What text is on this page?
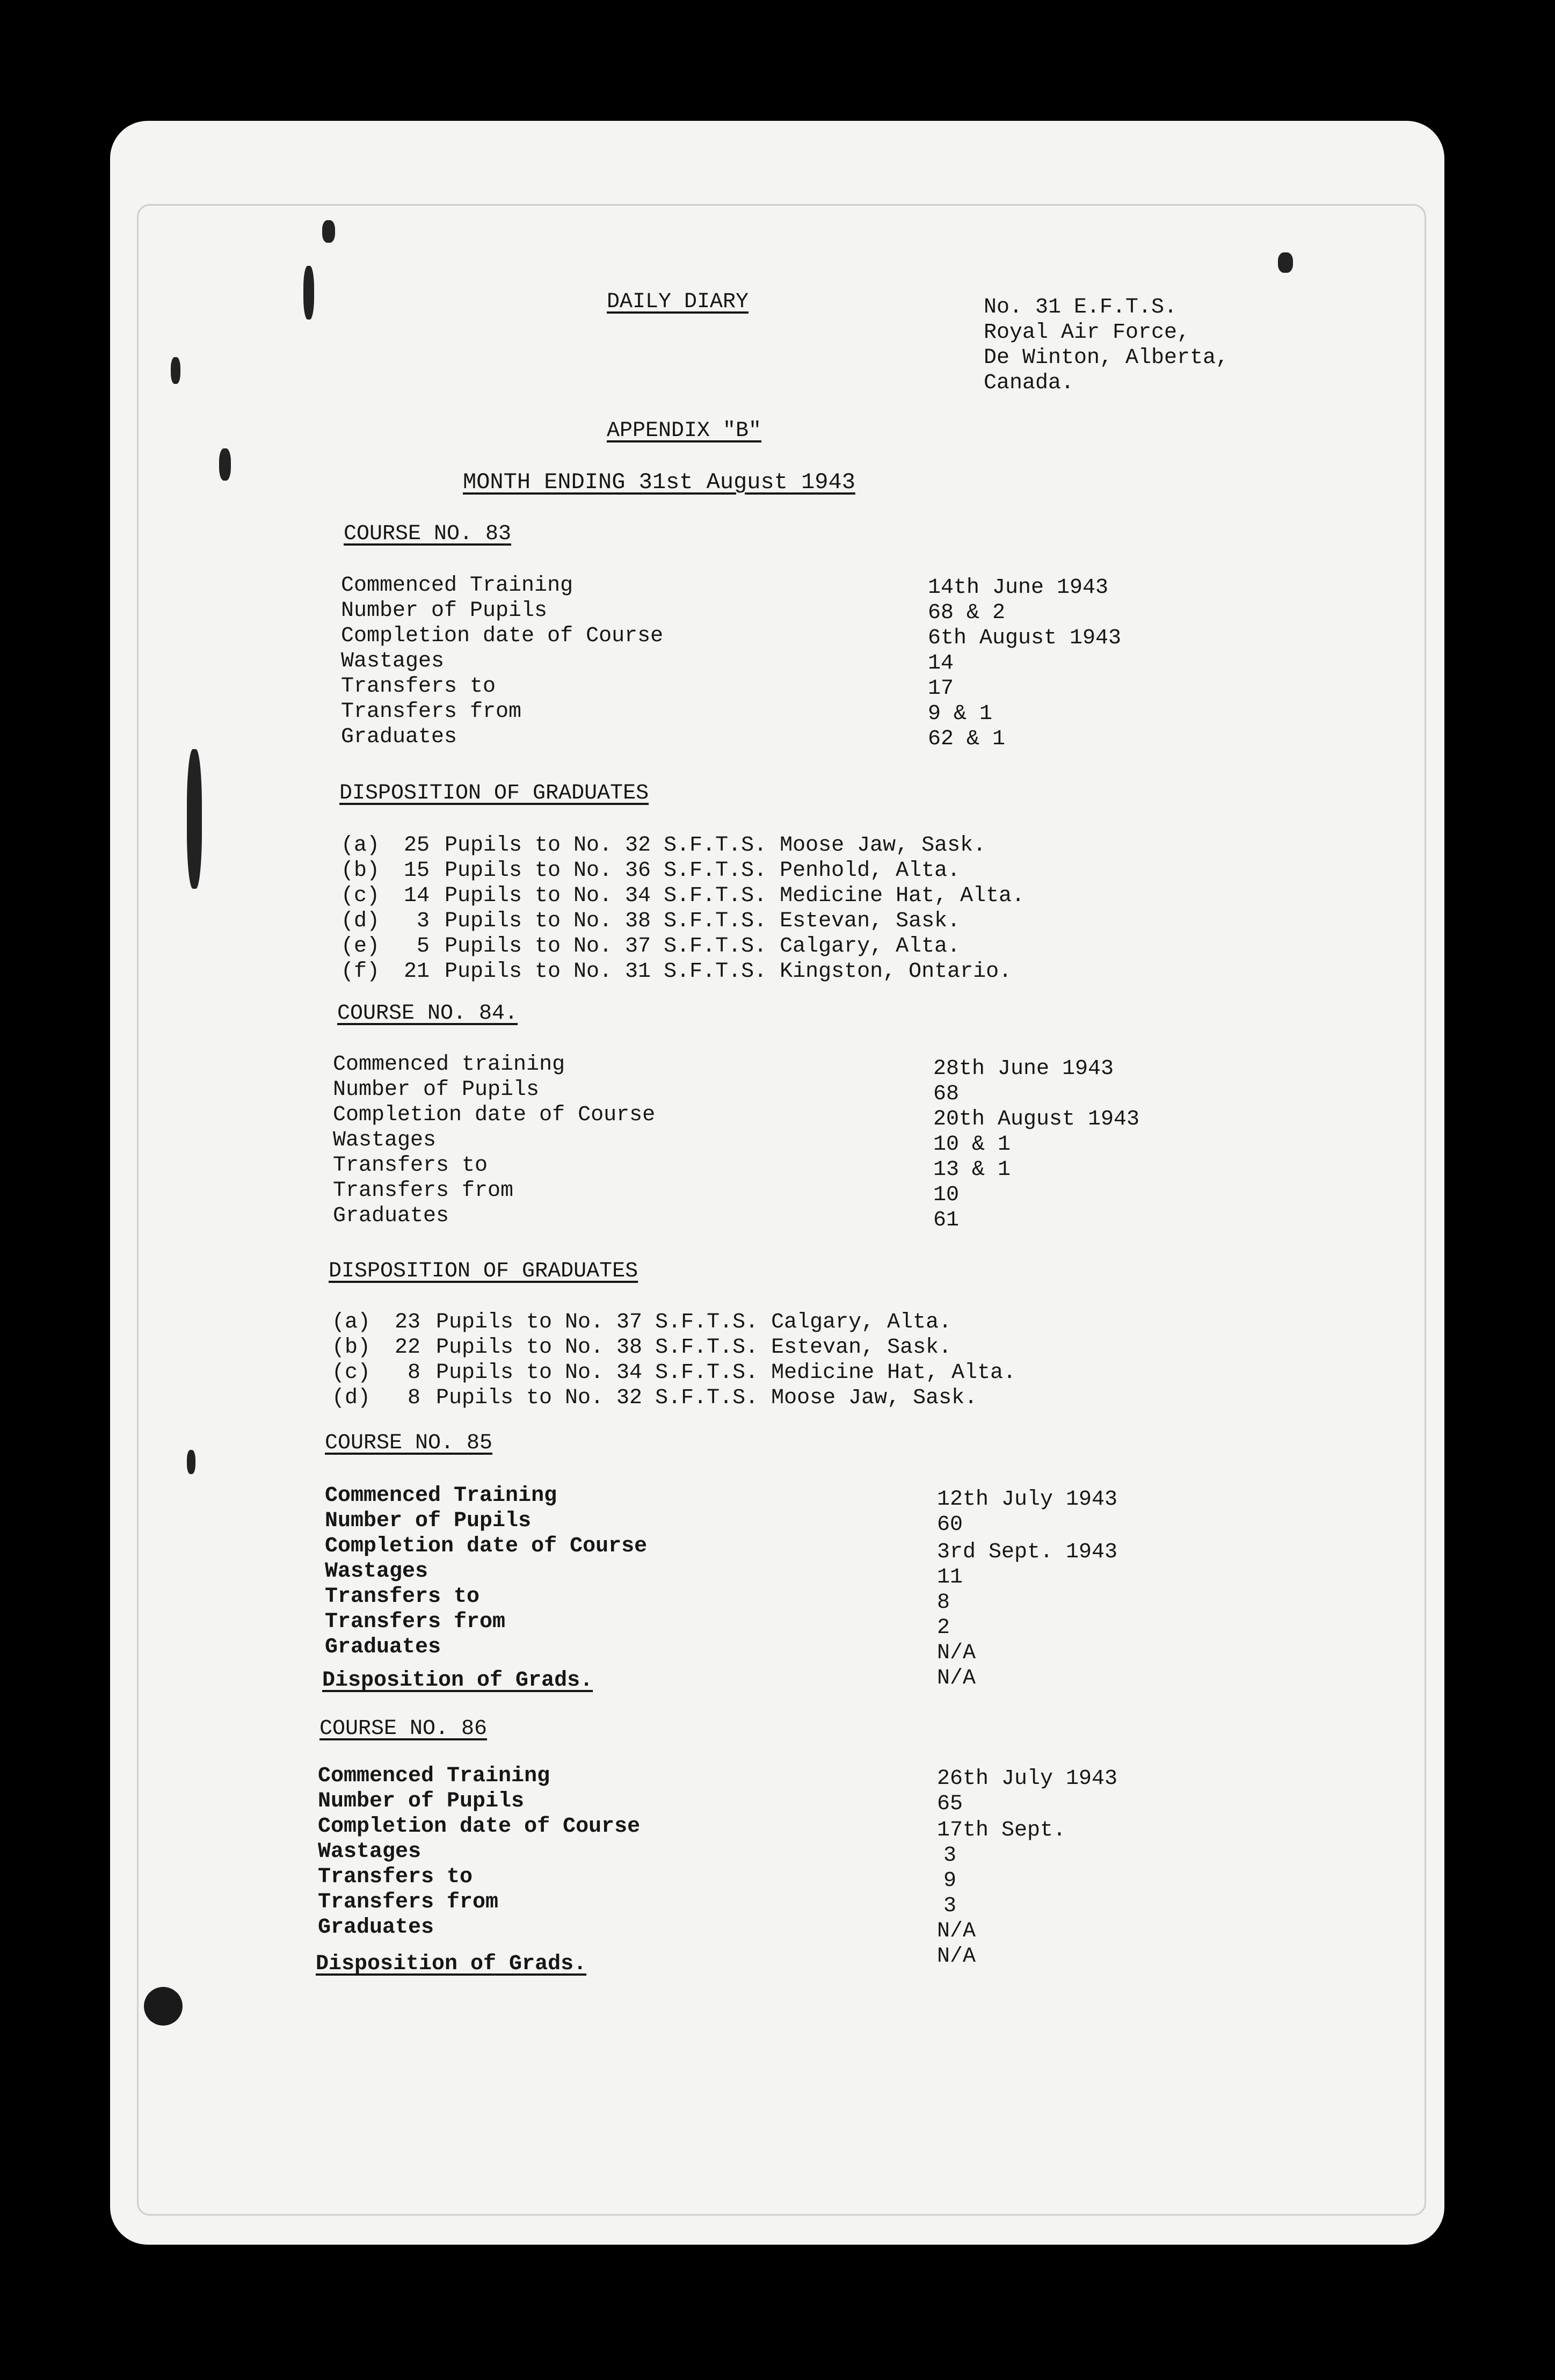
DAILY DIARY	No. 31 E.F.T.S.
Royal Air Force,
De Winton, Alberta,
Canada.
APPENDIX "B"
MONTH ENDING 31st August 1943
COURSE NO. 83
Commenced Training
Number of Pupils
Completion date of Course
Wastages
Transfers to
Transfers from
Graduates
14th June 1943
68 & 2
6th August 1943
14
17
9 & 1
62 & 1
DISPOSITION OF GRADUATES
(a) 25 Pupils to No. 32 S.F.T.S. Moose Jaw, Sask.
(b) 15 Pupils to No. 36 S.F.T.S. Penhold, Alta.
(c) 14 Pupils to No. 34 S.F.T.S. Medicine Hat, Alta.
(d) 3 Pupils to No. 38 S.F.T.S. Estevan, Sask.
(e) 5 Pupils to No. 37 S.F.T.S. Calgary, Alta.
(f) 21 Pupils to No. 31 S.F.T.S. Kingston, Ontario.
COURSE NO. 84.
Commenced training
Number of Pupils
Completion date of Course
Wastages
Transfers to
Transfers from
Graduates
28th June 1943
68
20th August 1943
10 & 1
13 & 1
10
61
DISPOSITION OF GRADUATES
(a) 23 Pupils to No. 37 S.F.T.S. Calgary, Alta.
(b) 22 Pupils to No. 38 S.F.T.S. Estevan, Sask.
(c) 8 Pupils to No. 34 S.F.T.S. Medicine Hat, Alta.
(d) 8 Pupils to No. 32 S.F.T.S. Moose Jaw, Sask.
COURSE NO. 85
Commenced Training
Number of Pupils
Completion date of Course
Wastages
Transfers to
Transfers from
Graduates
Disposition of Grads.
12th July 1943
60
3rd Sept. 1943
11
8
2
N/A
N/A
COURSE NO. 86
Commenced Training
Number of Pupils
Completion date of Course
Wastages
Transfers to
Transfers from
Graduates
Disposition of Grads.
26th July 1943
65
17th Sept.
3
9
3
N/A
N/A
